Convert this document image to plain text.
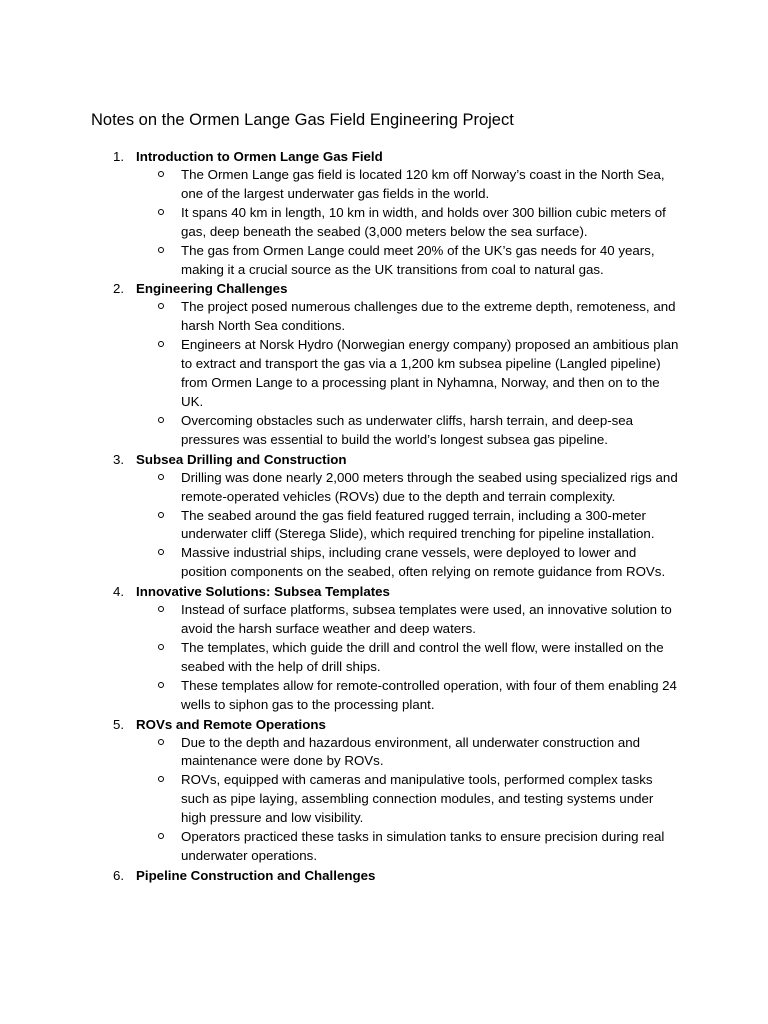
Notes on the Ormen Lange Gas Field Engineering Project
1. Introduction to Ormen Lange Gas Field
The Ormen Lange gas field is located 120 km off Norway’s coast in the North Sea, one of the largest underwater gas fields in the world.
It spans 40 km in length, 10 km in width, and holds over 300 billion cubic meters of gas, deep beneath the seabed (3,000 meters below the sea surface).
The gas from Ormen Lange could meet 20% of the UK’s gas needs for 40 years, making it a crucial source as the UK transitions from coal to natural gas.
2. Engineering Challenges
The project posed numerous challenges due to the extreme depth, remoteness, and harsh North Sea conditions.
Engineers at Norsk Hydro (Norwegian energy company) proposed an ambitious plan to extract and transport the gas via a 1,200 km subsea pipeline (Langled pipeline) from Ormen Lange to a processing plant in Nyhamna, Norway, and then on to the UK.
Overcoming obstacles such as underwater cliffs, harsh terrain, and deep-sea pressures was essential to build the world’s longest subsea gas pipeline.
3. Subsea Drilling and Construction
Drilling was done nearly 2,000 meters through the seabed using specialized rigs and remote-operated vehicles (ROVs) due to the depth and terrain complexity.
The seabed around the gas field featured rugged terrain, including a 300-meter underwater cliff (Sterega Slide), which required trenching for pipeline installation.
Massive industrial ships, including crane vessels, were deployed to lower and position components on the seabed, often relying on remote guidance from ROVs.
4. Innovative Solutions: Subsea Templates
Instead of surface platforms, subsea templates were used, an innovative solution to avoid the harsh surface weather and deep waters.
The templates, which guide the drill and control the well flow, were installed on the seabed with the help of drill ships.
These templates allow for remote-controlled operation, with four of them enabling 24 wells to siphon gas to the processing plant.
5. ROVs and Remote Operations
Due to the depth and hazardous environment, all underwater construction and maintenance were done by ROVs.
ROVs, equipped with cameras and manipulative tools, performed complex tasks such as pipe laying, assembling connection modules, and testing systems under high pressure and low visibility.
Operators practiced these tasks in simulation tanks to ensure precision during real underwater operations.
6. Pipeline Construction and Challenges
